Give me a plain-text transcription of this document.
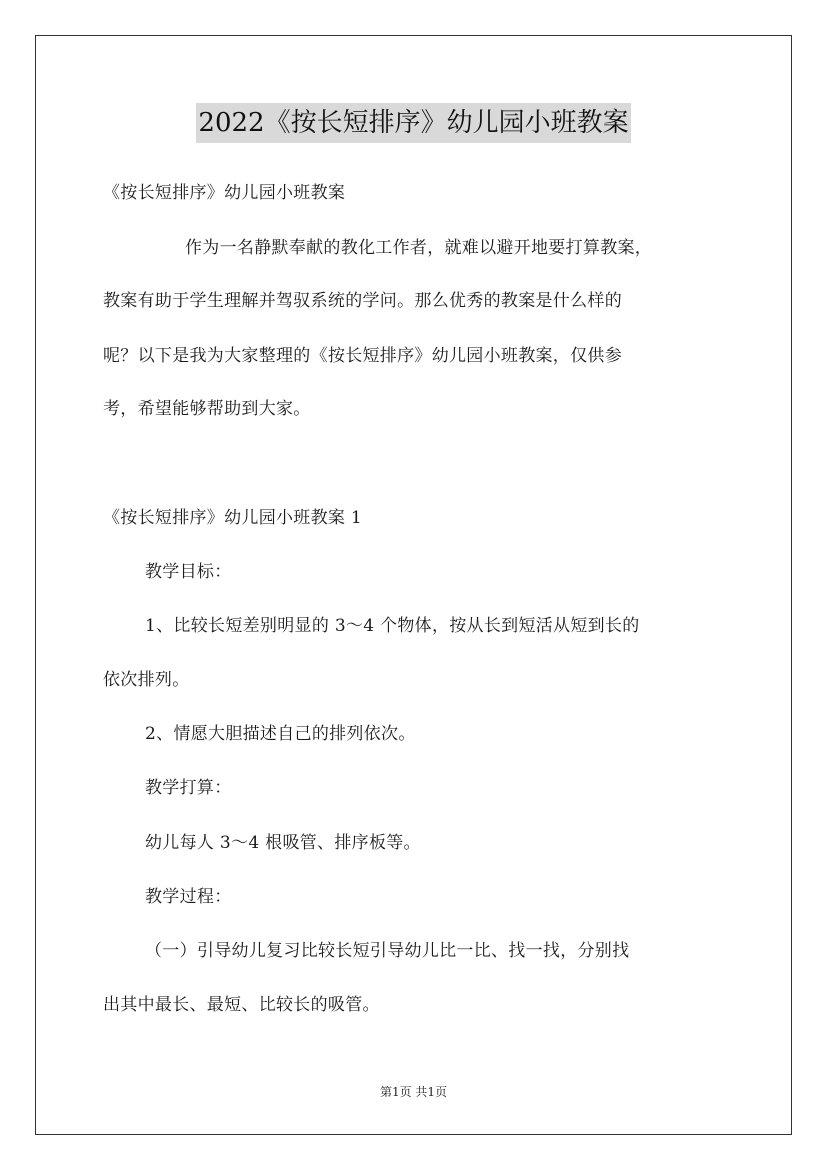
2022《按长短排序》幼儿园小班教案
《按长短排序》幼儿园小班教案
作为一名静默奉献的教化工作者，就难以避开地要打算教案，
教案有助于学生理解并驾驭系统的学问。那么优秀的教案是什么样的
呢？以下是我为大家整理的《按长短排序》幼儿园小班教案，仅供参
考，希望能够帮助到大家。
《按长短排序》幼儿园小班教案 1
教学目标：
1、比较长短差别明显的 3～4 个物体，按从长到短活从短到长的
依次排列。
2、情愿大胆描述自己的排列依次。
教学打算：
幼儿每人 3～4 根吸管、排序板等。
教学过程：
（一）引导幼儿复习比较长短引导幼儿比一比、找一找，分别找
出其中最长、最短、比较长的吸管。
第1页 共1页
